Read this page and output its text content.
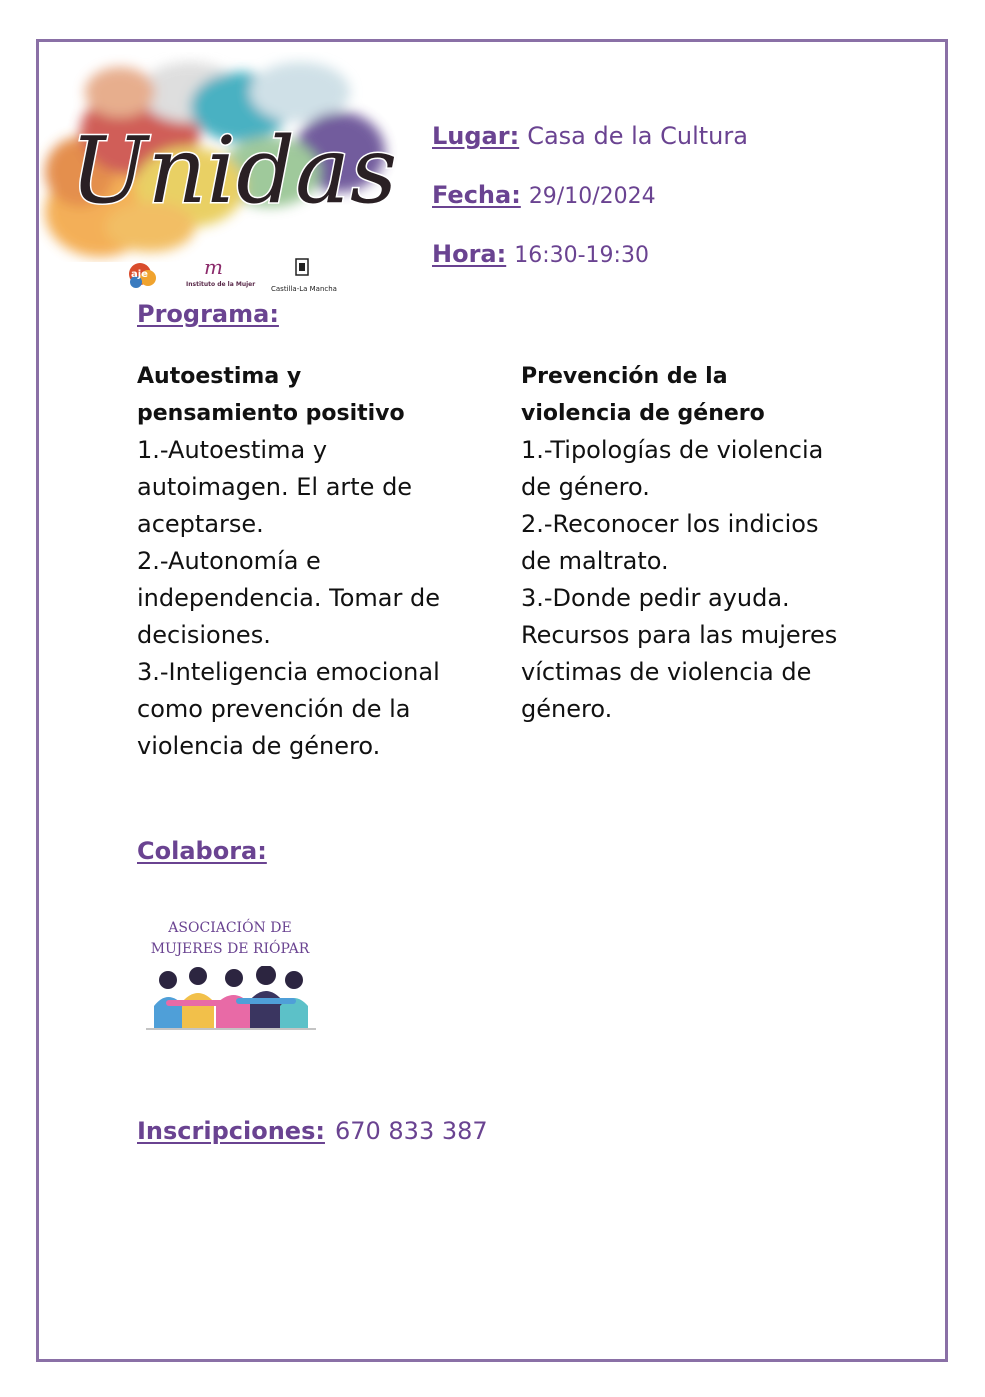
Unidas
aje	m
Instituto de la Mujer
Castilla-La Mancha
Lugar: Casa de la Cultura
Fecha: 29/10/2024
Hora: 16:30-19:30
Programa:
Autoestima y
pensamiento positivo
1.-Autoestima y
autoimagen. El arte de
aceptarse.
2.-Autonomía e
independencia. Tomar de
decisiones.
3.-Inteligencia emocional
como prevención de la
violencia de género.
Prevención de la
violencia de género
1.-Tipologías de violencia
de género.
2.-Reconocer los indicios
de maltrato.
3.-Donde pedir ayuda.
Recursos para las mujeres
víctimas de violencia de
género.
Colabora:
ASOCIACIÓN DE
MUJERES DE RIÓPAR
Inscripciones: 670 833 387
